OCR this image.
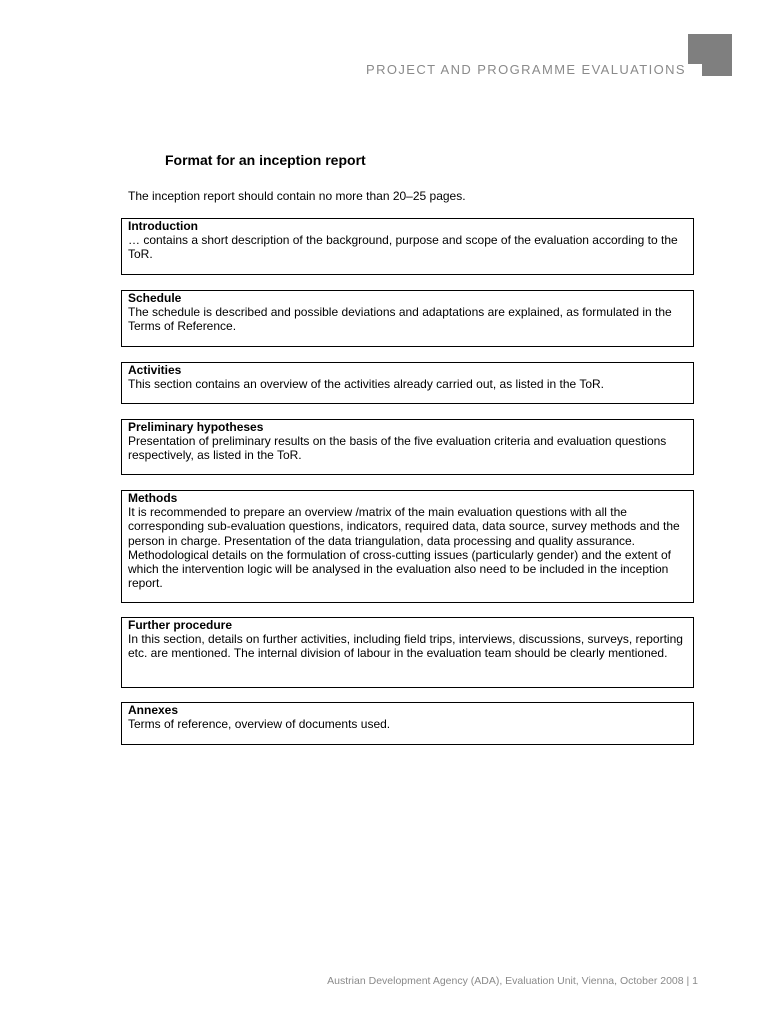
PROJECT AND PROGRAMME EVALUATIONS
Format for an inception report
The inception report should contain no more than 20–25 pages.
Introduction
… contains a short description of the background, purpose and scope of the evaluation according to the ToR.
Schedule
The schedule is described and possible deviations and adaptations are explained, as formulated in the Terms of Reference.
Activities
This section contains an overview of the activities already carried out, as listed in the ToR.
Preliminary hypotheses
Presentation of preliminary results on the basis of the five evaluation criteria and evaluation questions respectively, as listed in the ToR.
Methods
It is recommended to prepare an overview /matrix of the main evaluation questions with all the corresponding sub-evaluation questions, indicators, required data, data source, survey methods and the person in charge. Presentation of the data triangulation, data processing and quality assurance. Methodological details on the formulation of cross-cutting issues (particularly gender) and the extent of which the intervention logic will be analysed in the evaluation also need to be included in the inception report.
Further procedure
In this section, details on further activities, including field trips, interviews, discussions, surveys, reporting etc. are mentioned. The internal division of labour in the evaluation team should be clearly mentioned.
Annexes
Terms of reference, overview of documents used.
Austrian Development Agency (ADA), Evaluation Unit, Vienna, October 2008 | 1
